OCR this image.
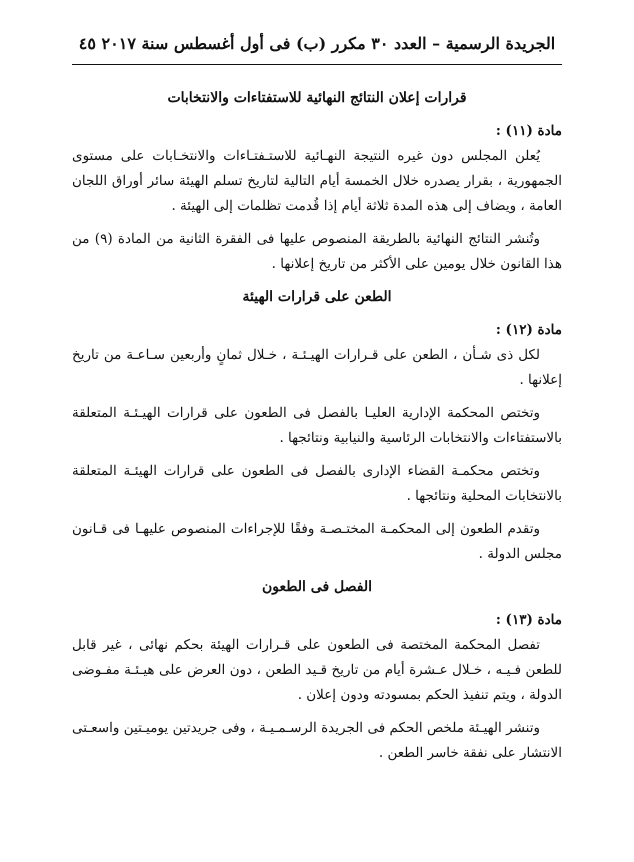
الجريدة الرسمية – العدد ٣٠ مكرر (ب) فى أول أغسطس سنة ٢٠١٧ ٤٥
قرارات إعلان النتائج النهائية للاستفتاءات والانتخابات
مادة (١١) :

يُعلن المجلس دون غيره النتيجة النهـائية للاستـفتـاءات والانتخـابات على مستوى الجمهورية ، بقرار يصدره خلال الخمسة أيام التالية لتاريخ تسلم الهيئة سائر أوراق اللجان العامة ، ويضاف إلى هذه المدة ثلاثة أيام إذا قُدمت تظلمات إلى الهيئة .

وتُنشر النتائج النهائية بالطريقة المنصوص عليها فى الفقرة الثانية من المادة (٩) من هذا القانون خلال يومين على الأكثر من تاريخ إعلانها .

الطعن على قرارات الهيئة
مادة (١٢) :

لكل ذى شـأن ، الطعن على قـرارات الهيـئـة ، خـلال ثمانٍ وأربعين سـاعـة من تاريخ إعلانها .

وتختص المحكمة الإدارية العليـا بالفصل فى الطعون على قرارات الهيـئـة المتعلقة بالاستفتاءات والانتخابات الرئاسية والنيابية ونتائجها .

وتختص محكمـة القضاء الإدارى بالفصل فى الطعون على قرارات الهيئـة المتعلقة بالانتخابات المحلية ونتائجها .

وتقدم الطعون إلى المحكمـة المختـصـة وفقًا للإجراءات المنصوص عليهـا فى قـانون مجلس الدولة .

الفصل فى الطعون
مادة (١٣) :

تفصل المحكمة المختصة فى الطعون على قـرارات الهيئة بحكم نهائى ، غير قابل للطعن فـيـه ، خـلال عـشرة أيام من تاريخ قـيد الطعن ، دون العرض على هيـئـة مفـوضى الدولة ، ويتم تنفيذ الحكم بمسودته ودون إعلان .

وتنشر الهيـئة ملخص الحكم فى الجريدة الرسـمـيـة ، وفى جريدتين يوميـتين واسعـتى الانتشار على نفقة خاسر الطعن .
